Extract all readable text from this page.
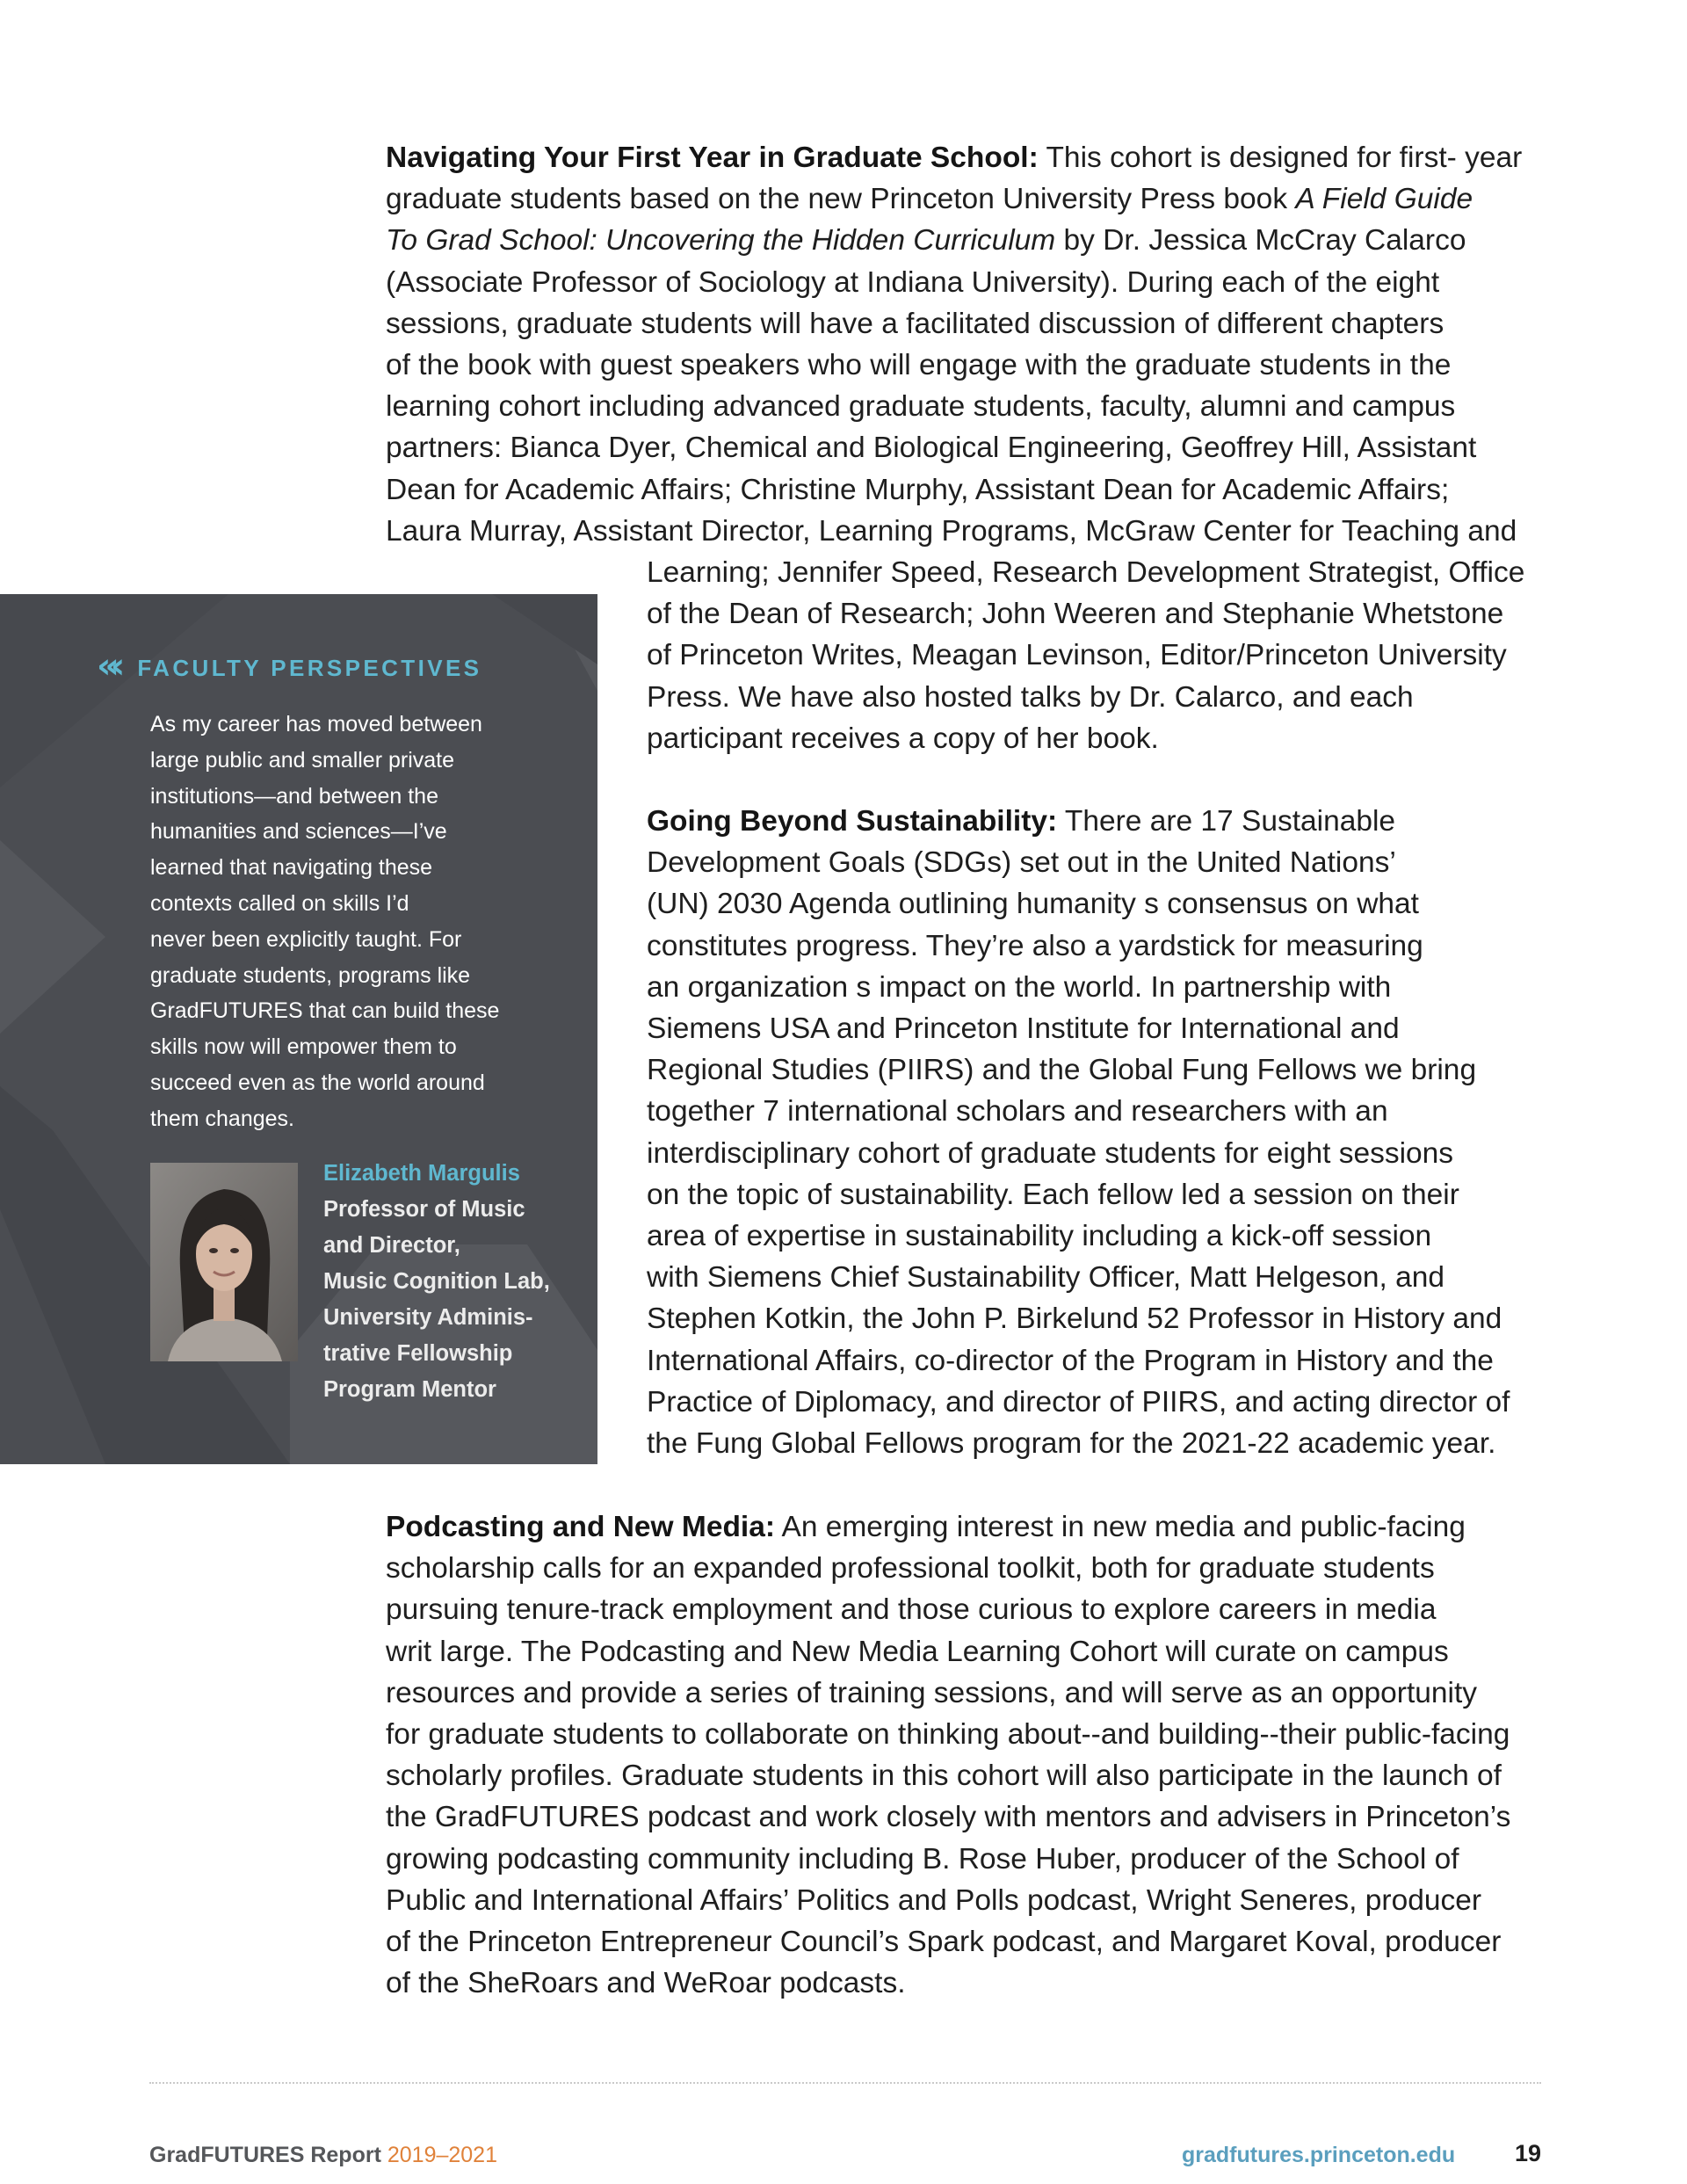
Navigating Your First Year in Graduate School: This cohort is designed for first- year
graduate students based on the new Princeton University Press book A Field Guide
To Grad School: Uncovering the Hidden Curriculum by Dr. Jessica McCray Calarco
(Associate Professor of Sociology at Indiana University). During each of the eight
sessions, graduate students will have a facilitated discussion of different chapters
of the book with guest speakers who will engage with the graduate students in the
learning cohort including advanced graduate students, faculty, alumni and campus
partners: Bianca Dyer, Chemical and Biological Engineering, Geoffrey Hill, Assistant
Dean for Academic Affairs; Christine Murphy, Assistant Dean for Academic Affairs;
Laura Murray, Assistant Director, Learning Programs, McGraw Center for Teaching and
Learning; Jennifer Speed, Research Development Strategist, Office
of the Dean of Research; John Weeren and Stephanie Whetstone
of Princeton Writes, Meagan Levinson, Editor/Princeton University
Press. We have also hosted talks by Dr. Calarco, and each
participant receives a copy of her book.
Going Beyond Sustainability: There are 17 Sustainable
Development Goals (SDGs) set out in the United Nations’
(UN) 2030 Agenda outlining humanity s consensus on what
constitutes progress. They’re also a yardstick for measuring
an organization s impact on the world. In partnership with
Siemens USA and Princeton Institute for International and
Regional Studies (PIIRS) and the Global Fung Fellows we bring
together 7 international scholars and researchers with an
interdisciplinary cohort of graduate students for eight sessions
on the topic of sustainability. Each fellow led a session on their
area of expertise in sustainability including a kick-off session
with Siemens Chief Sustainability Officer, Matt Helgeson, and
Stephen Kotkin, the John P. Birkelund 52 Professor in History and
International Affairs, co-director of the Program in History and the
Practice of Diplomacy, and director of PIIRS, and acting director of
the Fung Global Fellows program for the 2021-22 academic year.
Podcasting and New Media: An emerging interest in new media and public-facing
scholarship calls for an expanded professional toolkit, both for graduate students
pursuing tenure-track employment and those curious to explore careers in media
writ large. The Podcasting and New Media Learning Cohort will curate on campus
resources and provide a series of training sessions, and will serve as an opportunity
for graduate students to collaborate on thinking about--and building--their public-facing
scholarly profiles. Graduate students in this cohort will also participate in the launch of
the GradFUTURES podcast and work closely with mentors and advisers in Princeton’s
growing podcasting community including B. Rose Huber, producer of the School of
Public and International Affairs’ Politics and Polls podcast, Wright Seneres, producer
of the Princeton Entrepreneur Council’s Spark podcast, and Margaret Koval, producer
of the SheRoars and WeRoar podcasts.
«‹ FACULTY PERSPECTIVES
As my career has moved between
large public and smaller private
institutions—and between the
humanities and sciences—I’ve
learned that navigating these
contexts called on skills I’d
never been explicitly taught. For
graduate students, programs like
GradFUTURES that can build these
skills now will empower them to
succeed even as the world around
them changes.
Elizabeth Margulis
Professor of Music
and Director,
Music Cognition Lab,
University Adminis-
trative Fellowship
Program Mentor
GradFUTURES Report 2019–2021	gradfutures.princeton.edu	19
